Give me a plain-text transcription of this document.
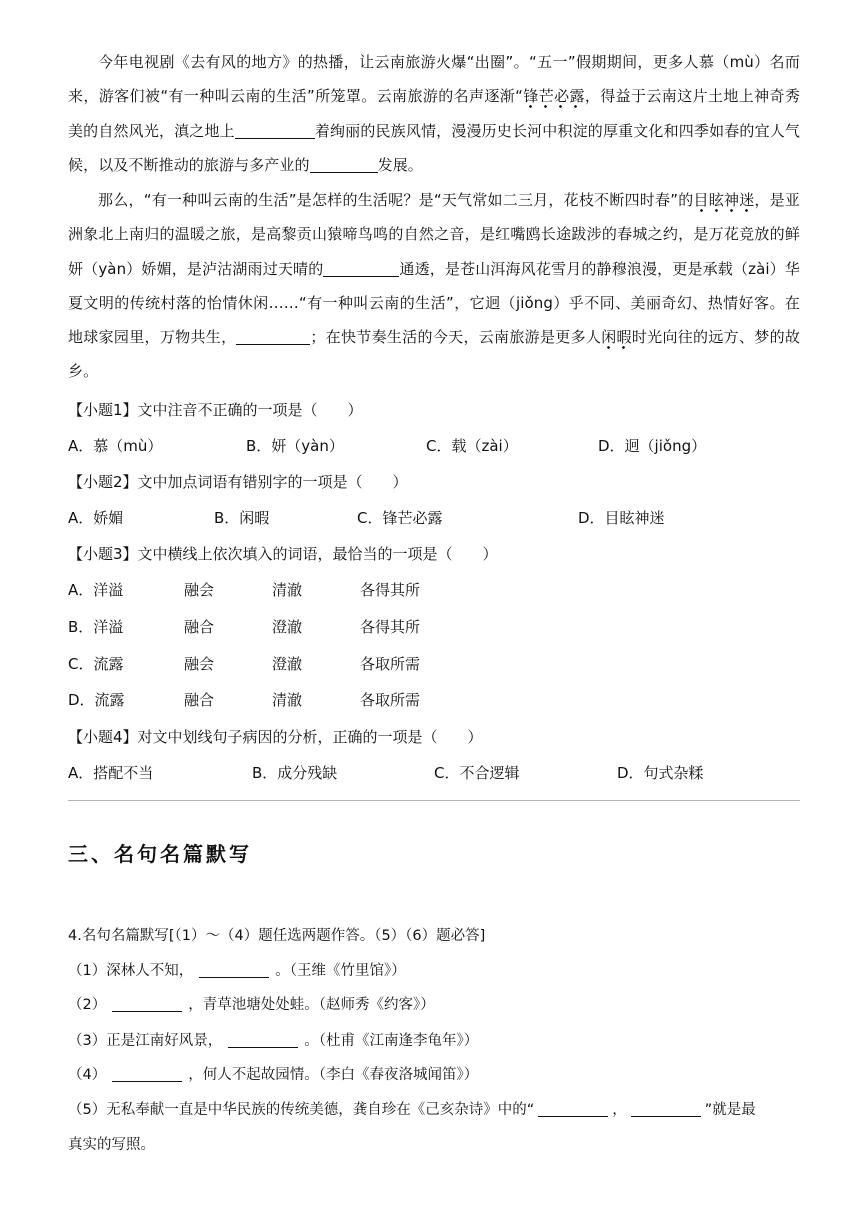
今年电视剧《去有风的地方》的热播，让云南旅游火爆“出圈”。“五一”假期期间，更多人慕（mù）名而来，游客们被“有一种叫云南的生活”所笼罩。云南旅游的名声逐渐“锋芒必露，得益于云南这片土地上神奇秀美的自然风光，滇之地上	着绚丽的民族风情，漫漫历史长河中积淀的厚重文化和四季如春的宜人气候，以及不断推动的旅游与多产业的	发展。
那么，“有一种叫云南的生活”是怎样的生活呢？是“天气常如二三月，花枝不断四时春”的目眩神迷，是亚洲象北上南归的温暖之旅，是高黎贡山猿啼鸟鸣的自然之音，是红嘴鸥长途跋涉的春城之约，是万花竞放的鲜妍（yàn）娇媚，是泸沽湖雨过天晴的	通透，是苍山洱海风花雪月的静穆浪漫，更是承载（zài）华夏文明的传统村落的怡情休闲……“有一种叫云南的生活”，它迥（jiǒng）乎不同、美丽奇幻、热情好客。在地球家园里，万物共生，	；在快节奏生活的今天，云南旅游是更多人闲暇时光向往的远方、梦的故乡。
【小题1】文中注音不正确的一项是（　　）
A．慕（mù）	B．妍（yàn）	C．载（zài）	D．迥（jiǒng）
【小题2】文中加点词语有错别字的一项是（　　）
A．娇媚	B．闲暇	C．锋芒必露	D．目眩神迷
【小题3】文中横线上依次填入的词语，最恰当的一项是（　　）
A．洋溢	融会	清澈	各得其所
B．洋溢	融合	澄澈	各得其所
C．流露	融会	澄澈	各取所需
D．流露	融合	清澈	各取所需
【小题4】对文中划线句子病因的分析，正确的一项是（　　）
A．搭配不当	B．成分残缺	C．不合逻辑	D．句式杂糅
三、名句名篇默写
4.名句名篇默写[（1）～（4）题任选两题作答。（5）（6）题必答]
（1）深林人不知，	。（王维《竹里馆》）
（2）	，青草池塘处处蛙。（赵师秀《约客》）
（3）正是江南好风景，	。（杜甫《江南逢李龟年》）
（4）	，何人不起故园情。（李白《春夜洛城闻笛》）
（5）无私奉献一直是中华民族的传统美德，龚自珍在《己亥杂诗》中的“	，	”就是最
真实的写照。
